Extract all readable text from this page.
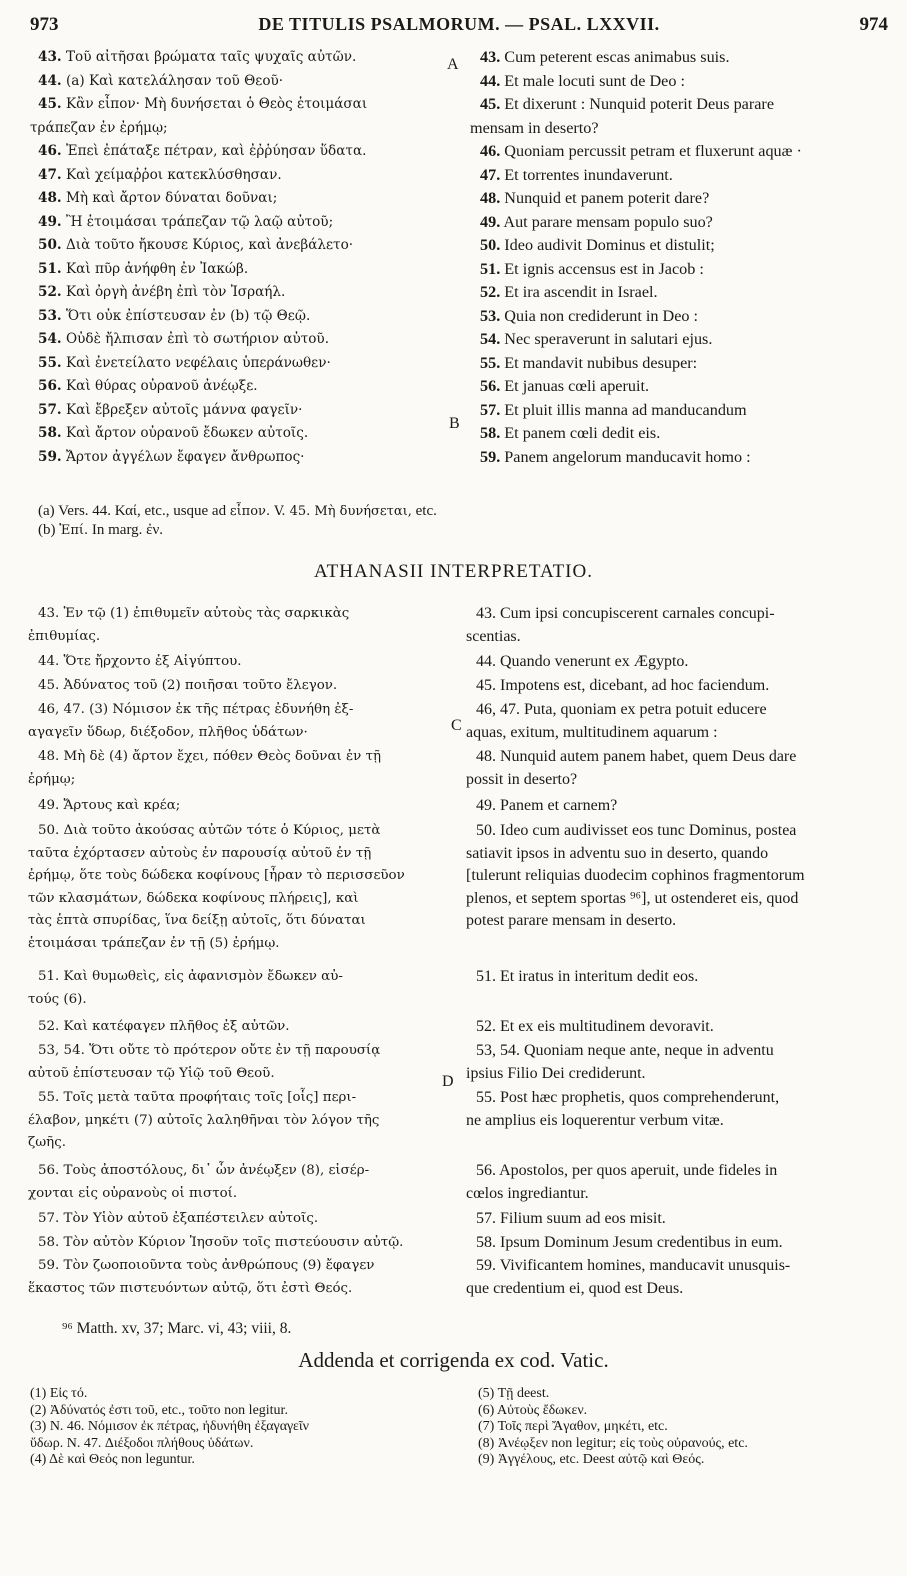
973	DE TITULIS PSALMORUM. — PSAL. LXXVII.	974
A
B
C
D
43. Τοῦ αἰτῆσαι βρώματα ταῖς ψυχαῖς αὐτῶν.
44. (a) Καὶ κατελάλησαν τοῦ Θεοῦ·
45. Κἂν εἶπον· Μὴ δυνήσεται ὁ Θεὸς ἑτοιμάσαι
τράπεζαν ἐν ἐρήμῳ;
46. Ἐπεὶ ἐπάταξε πέτραν, καὶ ἐῤῥύησαν ὕδατα.
47. Καὶ χείμαῤῥοι κατεκλύσθησαν.
48. Μὴ καὶ ἄρτον δύναται δοῦναι;
49. Ἢ ἑτοιμάσαι τράπεζαν τῷ λαῷ αὐτοῦ;
50. Διὰ τοῦτο ἤκουσε Κύριος, καὶ ἀνεβάλετο·
51. Καὶ πῦρ ἀνήφθη ἐν Ἰακώβ.
52. Καὶ ὀργὴ ἀνέβη ἐπὶ τὸν Ἰσραήλ.
53. Ὅτι οὐκ ἐπίστευσαν ἐν (b) τῷ Θεῷ.
54. Οὐδὲ ἤλπισαν ἐπὶ τὸ σωτήριον αὐτοῦ.
55. Καὶ ἐνετείλατο νεφέλαις ὑπεράνωθεν·
56. Καὶ θύρας οὐρανοῦ ἀνέῳξε.
57. Καὶ ἔβρεξεν αὐτοῖς μάννα φαγεῖν·
58. Καὶ ἄρτον οὐρανοῦ ἔδωκεν αὐτοῖς.
59. Ἄρτον ἀγγέλων ἔφαγεν ἄνθρωπος·
43. Cum peterent escas animabus suis.
44. Et male locuti sunt de Deo :
45. Et dixerunt : Nunquid poterit Deus parare
mensam in deserto?
46. Quoniam percussit petram et fluxerunt aquæ ·
47. Et torrentes inundaverunt.
48. Nunquid et panem poterit dare?
49. Aut parare mensam populo suo?
50. Ideo audivit Dominus et distulit;
51. Et ignis accensus est in Jacob :
52. Et ira ascendit in Israel.
53. Quia non crediderunt in Deo :
54. Nec speraverunt in salutari ejus.
55. Et mandavit nubibus desuper:
56. Et januas cœli aperuit.
57. Et pluit illis manna ad manducandum
58. Et panem cœli dedit eis.
59. Panem angelorum manducavit homo :
(a) Vers. 44. Καί, etc., usque ad εἶπον. V. 45. Μὴ δυνήσεται, etc.
(b) Ἐπί. In marg. ἐν.
ATHANASII INTERPRETATIO.
43. Ἐν τῷ (1) ἐπιθυμεῖν αὐτοὺς τὰς σαρκικὰς
ἐπιθυμίας.
44. Ὅτε ἤρχοντο ἐξ Αἰγύπτου.
45. Ἀδύνατος τοῦ (2) ποιῆσαι τοῦτο ἔλεγον.
46, 47. (3) Νόμισον ἐκ τῆς πέτρας ἐδυνήθη ἐξ-
αγαγεῖν ὕδωρ, διέξοδον, πλῆθος ὑδάτων·
48. Μὴ δὲ (4) ἄρτον ἔχει, πόθεν Θεὸς δοῦναι ἐν τῇ
ἐρήμῳ;
49. Ἄρτους καὶ κρέα;
50. Διὰ τοῦτο ἀκούσας αὐτῶν τότε ὁ Κύριος, μετὰ
ταῦτα ἐχόρτασεν αὐτοὺς ἐν παρουσίᾳ αὐτοῦ ἐν τῇ
ἐρήμῳ, ὅτε τοὺς δώδεκα κοφίνους [ἦραν τὸ περισσεῦον
τῶν κλασμάτων, δώδεκα κοφίνους πλήρεις], καὶ
τὰς ἑπτὰ σπυρίδας, ἵνα δείξῃ αὐτοῖς, ὅτι δύναται
ἑτοιμάσαι τράπεζαν ἐν τῇ (5) ἐρήμῳ.
51. Καὶ θυμωθεὶς, εἰς ἀφανισμὸν ἔδωκεν αὐ-
τούς (6).
52. Καὶ κατέφαγεν πλῆθος ἐξ αὐτῶν.
53, 54. Ὅτι οὔτε τὸ πρότερον οὔτε ἐν τῇ παρουσίᾳ
αὐτοῦ ἐπίστευσαν τῷ Υἱῷ τοῦ Θεοῦ.
55. Τοῖς μετὰ ταῦτα προφήταις τοῖς [οἷς] περι-
έλαβον, μηκέτι (7) αὐτοῖς λαληθῆναι τὸν λόγον τῆς
ζωῆς.
56. Τοὺς ἀποστόλους, δι᾽ ὧν ἀνέῳξεν (8), εἰσέρ-
χονται εἰς οὐρανοὺς οἱ πιστοί.
57. Τὸν Υἱὸν αὐτοῦ ἐξαπέστειλεν αὐτοῖς.
58. Τὸν αὐτὸν Κύριον Ἰησοῦν τοῖς πιστεύουσιν αὐτῷ.
59. Τὸν ζωοποιοῦντα τοὺς ἀνθρώπους (9) ἔφαγεν
ἕκαστος τῶν πιστευόντων αὐτῷ, ὅτι ἐστὶ Θεός.
43. Cum ipsi concupiscerent carnales concupi-
scentias.
44. Quando venerunt ex Ægypto.
45. Impotens est, dicebant, ad hoc faciendum.
46, 47. Puta, quoniam ex petra potuit educere
aquas, exitum, multitudinem aquarum :
48. Nunquid autem panem habet, quem Deus dare
possit in deserto?
49. Panem et carnem?
50. Ideo cum audivisset eos tunc Dominus, postea
satiavit ipsos in adventu suo in deserto, quando
[tulerunt reliquias duodecim cophinos fragmentorum
plenos, et septem sportas ⁹⁶], ut ostenderet eis, quod
potest parare mensam in deserto.
51. Et iratus in interitum dedit eos.
52. Et ex eis multitudinem devoravit.
53, 54. Quoniam neque ante, neque in adventu
ipsius Filio Dei crediderunt.
55. Post hæc prophetis, quos comprehenderunt,
ne amplius eis loquerentur verbum vitæ.
56. Apostolos, per quos aperuit, unde fideles in
cœlos ingrediantur.
57. Filium suum ad eos misit.
58. Ipsum Dominum Jesum credentibus in eum.
59. Vivificantem homines, manducavit unusquis-
que credentium ei, quod est Deus.
⁹⁶ Matth. xv, 37; Marc. vi, 43; viii, 8.
Addenda et corrigenda ex cod. Vatic.
(1) Εἰς τό.
(2) Ἀδύνατός ἐστι τοῦ, etc., τοῦτο non legitur.
(3) N. 46. Νόμισον ἐκ πέτρας, ἠδυνήθη ἐξαγαγεῖν
ὕδωρ. N. 47. Διέξοδοι πλήθους ὑδάτων.
(4) Δὲ καὶ Θεός non leguntur.
(5) Τῇ deest.
(6) Αὐτοὺς ἔδωκεν.
(7) Τοῖς περὶ Ἄγαθον, μηκέτι, etc.
(8) Ἀνέῳξεν non legitur; εἰς τοὺς οὐρανούς, etc.
(9) Ἀγγέλους, etc. Deest αὐτῷ καὶ Θεός.
